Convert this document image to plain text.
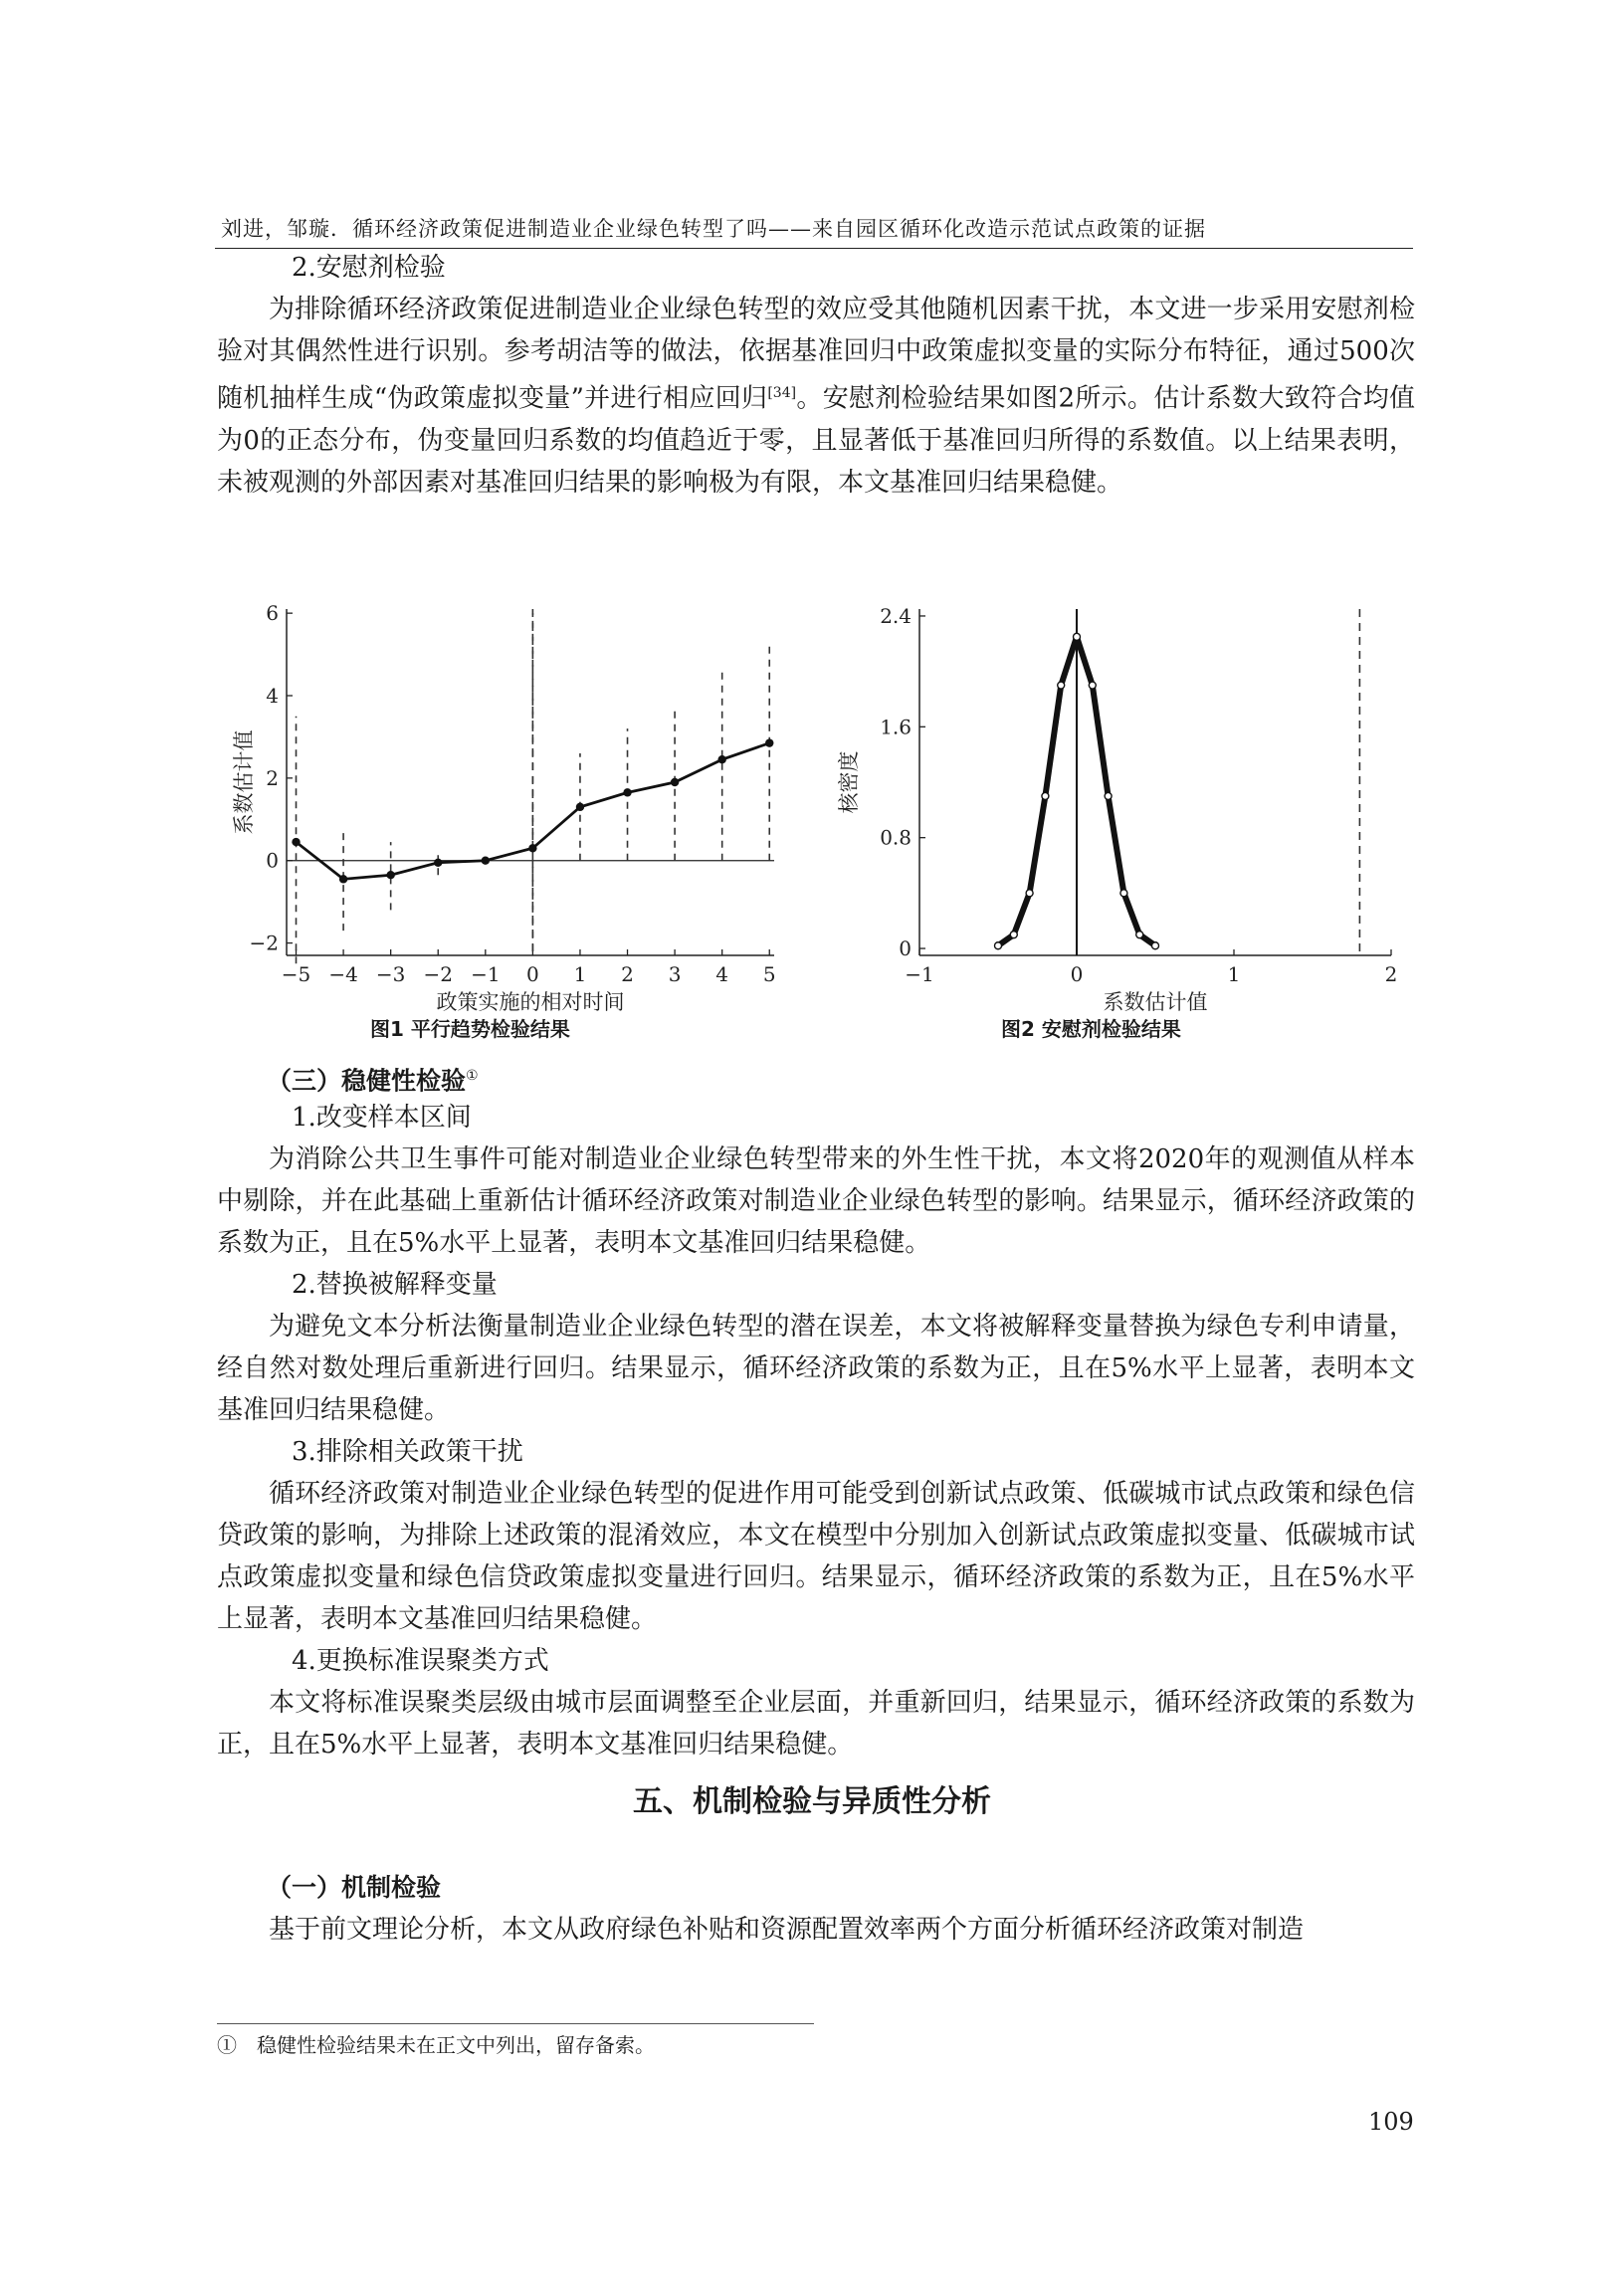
刘进，邹璇．循环经济政策促进制造业企业绿色转型了吗——来自园区循环化改造示范试点政策的证据

2.安慰剂检验

为排除循环经济政策促进制造业企业绿色转型的效应受其他随机因素干扰，本文进一步采用安慰剂检验对其偶然性进行识别。参考胡洁等的做法，依据基准回归中政策虚拟变量的实际分布特征，通过500次随机抽样生成“伪政策虚拟变量”并进行相应回归[34]。安慰剂检验结果如图2所示。估计系数大致符合均值为0的正态分布，伪变量回归系数的均值趋近于零，且显著低于基准回归所得的系数值。以上结果表明，未被观测的外部因素对基准回归结果的影响极为有限，本文基准回归结果稳健。

−2
0
2
4
6
−5 −4 −3 −2 −1 0 1 2 3 4 5
政策实施的相对时间
系数估计值
图1 平行趋势检验结果
0
0.8
1.6
2.4
−1	0	1	2
系数估计值
核密度
图2 安慰剂检验结果

（三）稳健性检验①

1.改变样本区间

为消除公共卫生事件可能对制造业企业绿色转型带来的外生性干扰，本文将2020年的观测值从样本中剔除，并在此基础上重新估计循环经济政策对制造业企业绿色转型的影响。结果显示，循环经济政策的系数为正，且在5%水平上显著，表明本文基准回归结果稳健。

2.替换被解释变量

为避免文本分析法衡量制造业企业绿色转型的潜在误差，本文将被解释变量替换为绿色专利申请量，经自然对数处理后重新进行回归。结果显示，循环经济政策的系数为正，且在5%水平上显著，表明本文基准回归结果稳健。

3.排除相关政策干扰

循环经济政策对制造业企业绿色转型的促进作用可能受到创新试点政策、低碳城市试点政策和绿色信贷政策的影响，为排除上述政策的混淆效应，本文在模型中分别加入创新试点政策虚拟变量、低碳城市试点政策虚拟变量和绿色信贷政策虚拟变量进行回归。结果显示，循环经济政策的系数为正，且在5%水平上显著，表明本文基准回归结果稳健。

4.更换标准误聚类方式

本文将标准误聚类层级由城市层面调整至企业层面，并重新回归，结果显示，循环经济政策的系数为正，且在5%水平上显著，表明本文基准回归结果稳健。

五、机制检验与异质性分析

（一）机制检验

基于前文理论分析，本文从政府绿色补贴和资源配置效率两个方面分析循环经济政策对制造

①　稳健性检验结果未在正文中列出，留存备索。
109
